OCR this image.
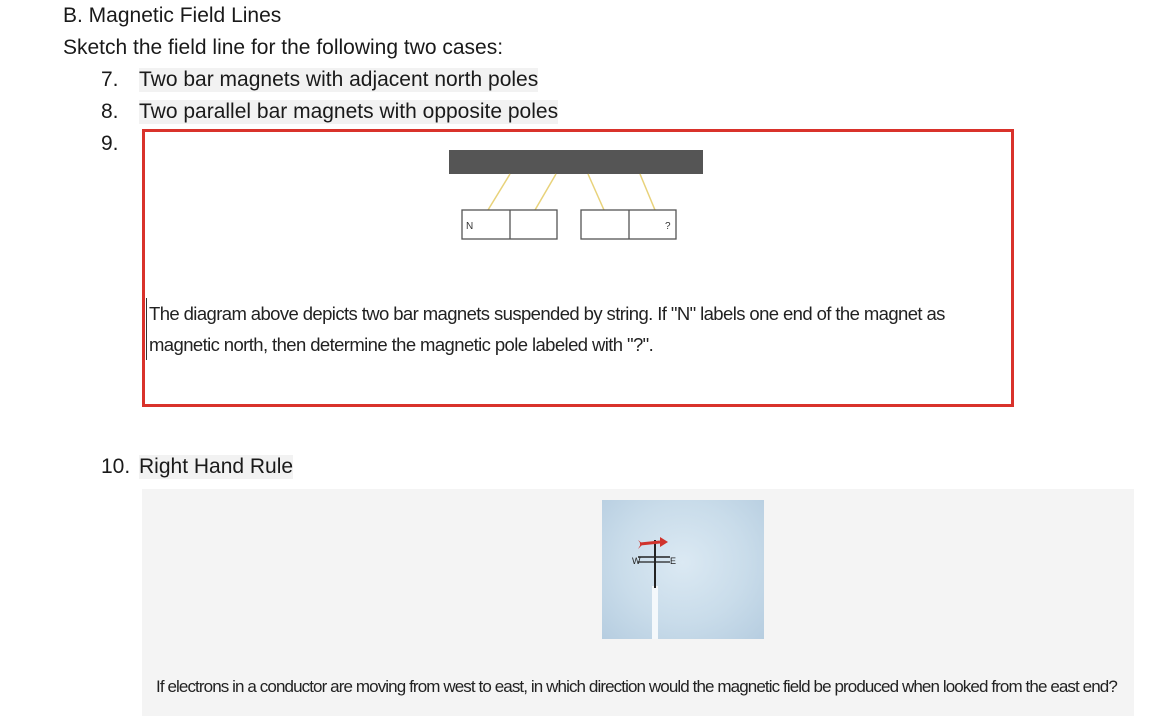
B. Magnetic Field Lines
Sketch the field line for the following two cases:
7. Two bar magnets with adjacent north poles
8. Two parallel bar magnets with opposite poles
9.
N	?
The diagram above depicts two bar magnets suspended by string. If "N" labels one end of the magnet as magnetic north, then determine the magnetic pole labeled with "?".
10. Right Hand Rule
W	E
If electrons in a conductor are moving from west to east, in which direction would the magnetic field be produced when looked from the east end?
